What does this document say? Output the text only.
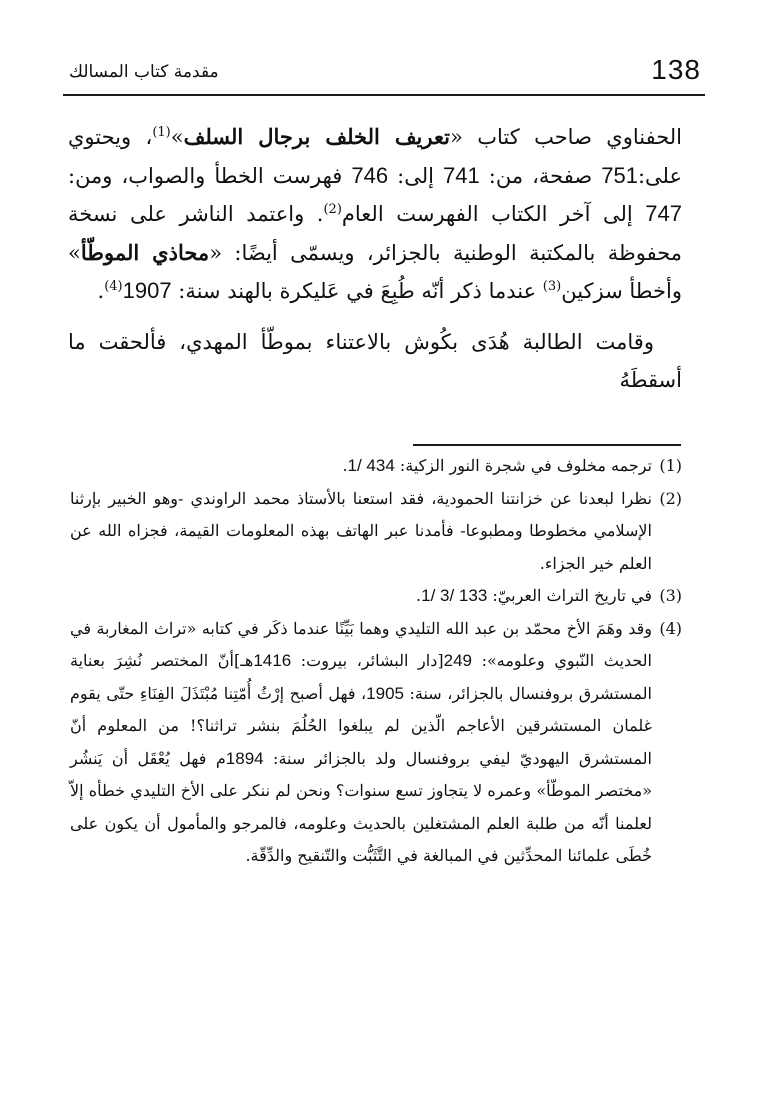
138
مقدمة كتاب المسالك

الحفناوي صاحب كتاب «تعريف الخلف برجال السلف»$^{(1)}$، ويحتوي على:751 صفحة، من: 741 إلى: 746 فهرست الخطأ والصواب، ومن: 747 إلى آخر الكتاب الفهرست العام$^{(2)}$. واعتمد الناشر على نسخة محفوظة بالمكتبة الوطنية بالجزائر، ويسمّى أيضًا: «محاذي الموطّأ» وأخطأ سزكين$^{(3)}$ عندما ذكر أنّه طُبِعَ في عَليكرة بالهند سنة: 1907$^{(4)}$.

وقامت الطالبة هُدَى بكُوش بالاعتناء بموطّأ المهدي، فألحقت ما أسقطَهُ

(1)
ترجمه مخلوف في شجرة النور الزكية: 1/ 434.

(2)
نظرا لبعدنا عن خزانتنا الحمودية، فقد استعنا بالأستاذ محمد الراوندي -وهو الخبير بإرثنا الإسلامي مخطوطا ومطبوعا- فأمدنا عبر الهاتف بهذه المعلومات القيمة، فجزاه الله عن العلم خير الجزاء.

(3)
في تاريخ التراث العربيّ: 1/ 3/ 133.

(4)
وقد وهَمَ الأخ محمّد بن عبد الله التليدي وهما بَيِّنًا عندما ذكَر في كتابه «تراث المغاربة في الحديث النّبوي وعلومه»: 249[دار البشائر، بيروت: 1416هـ]أنّ المختصر نُشِرَ بعناية المستشرق بروفنسال بالجزائر، سنة: 1905، فهل أصبح إرْثُ أُمّتِنا مُبْتَذَلَ الفِنَاءِ حتّى يقوم غلمان المستشرقين الأعاجم الّذين لم يبلغوا الحُلُمَ بنشر تراثنا؟! من المعلوم أنّ المستشرق اليهوديّ ليفي بروفنسال ولد بالجزائر سنة: 1894م فهل يُعْقَل أن يَنشُر «مختصر الموطّأ» وعمره لا يتجاوز تسع سنوات؟ ونحن لم ننكر على الأخ التليدي خطأه إلاّ لعلمنا أنّه من طلبة العلم المشتغلين بالحديث وعلومه، فالمرجو والمأمول أن يكون على خُطَى علمائنا المحدِّثين في المبالغة في التَّثَبُّت والتّنقيح والدِّقّة.
